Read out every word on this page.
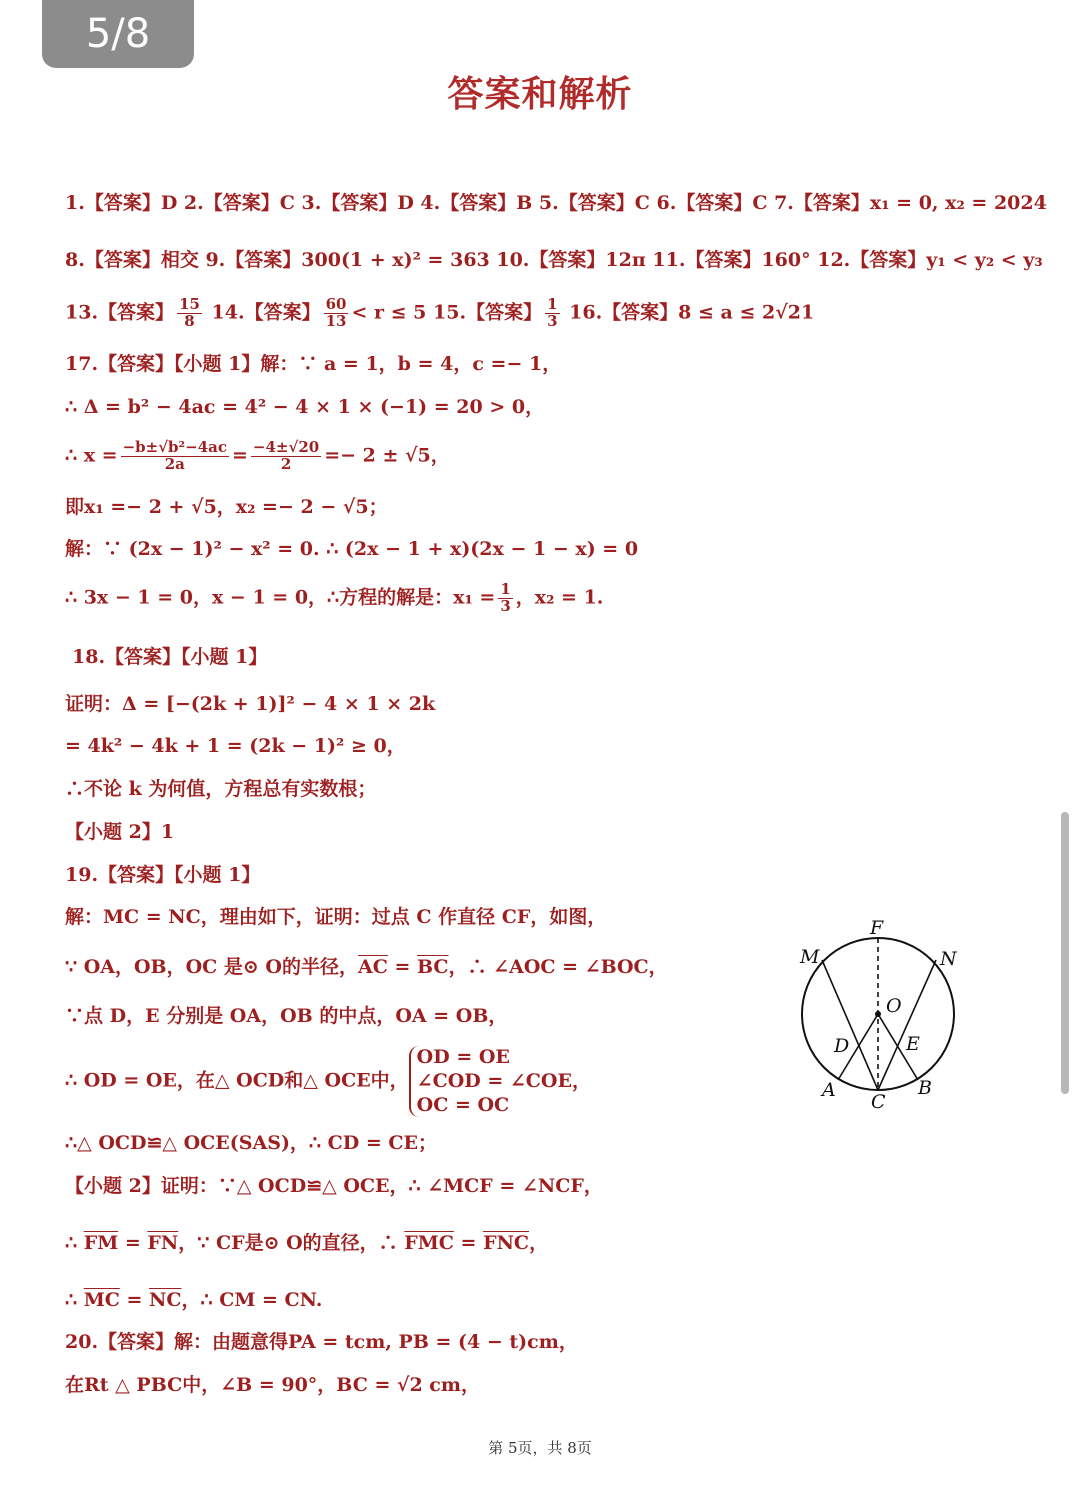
5/8
答案和解析
1.【答案】D 2.【答案】C 3.【答案】D 4.【答案】B 5.【答案】C 6.【答案】C 7.【答案】x₁ = 0, x₂ = 2024
8.【答案】相交 9.【答案】300(1 + x)² = 363 10.【答案】12π 11.【答案】160° 12.【答案】y₁ < y₂ < y₃
13.【答案】 $\frac{15}{8} 14$.【答案】 $\frac{60}{13} < r \le 5$ 15.【答案】 $\frac{1}{3} 16$.【答案】8 ≤ a ≤ 2√21
17.【答案】【小题 1】解：∵ a = 1，b = 4，c =− 1，
∴ Δ = b² − 4ac = 4² − 4 × 1 × (−1) = 20 > 0，
∴ $x = \frac{\text{−b±√b²−4ac}}{2a} = \frac{-4\pm√20}{2} =- 2 \pm √5$，
即x₁ =− 2 + √5，x₂ =− 2 − √5；
解：∵ (2x − 1)² − x² = 0. ∴ (2x − 1 + x)(2x − 1 − x) = 0
∴ 3x − 1 = 0，x − 1 = 0，∴方程的解是：$x_1 = \frac{1}{3}$ ，x₂ = 1.
18.【答案】【小题 1】
证明：Δ = [−(2k + 1)]² − 4 × 1 × 2k
= 4k² − 4k + 1 = (2k − 1)² ≥ 0，
∴不论 k 为何值，方程总有实数根；
【小题 2】1
19.【答案】【小题 1】
解：MC = NC，理由如下，证明：过点 C 作直径 CF，如图，
∵ OA，OB，OC 是⊙ O的半径，$\overline{AC} = \overline{BC}$，∴ ∠AOC = ∠BOC，
∵点 D，E 分别是 OA，OB 的中点，OA = OB，
∴ OD = OE，在△ OCD和△ OCE中，
OD = OE
∠COD = ∠COE，
OC = OC
∴△ OCD≌△ OCE(SAS)，∴ CD = CE；
【小题 2】证明：∵△ OCD≌△ OCE，∴ ∠MCF = ∠NCF，
∴ $\overline{FM} = \overline{FN}$，∵ CF是⊙ O的直径，∴ $\overline{FMC} = \overline{FNC}$，
∴ $\overline{MC} = \overline{NC}$，∴ CM = CN.
20.【答案】解：由题意得PA = tcm, PB = (4 − t)cm，
在Rt △ PBC中，∠B = 90°，BC = √2 cm，
F
M	N
O
D	E
A
C
B
第 5页，共 8页
